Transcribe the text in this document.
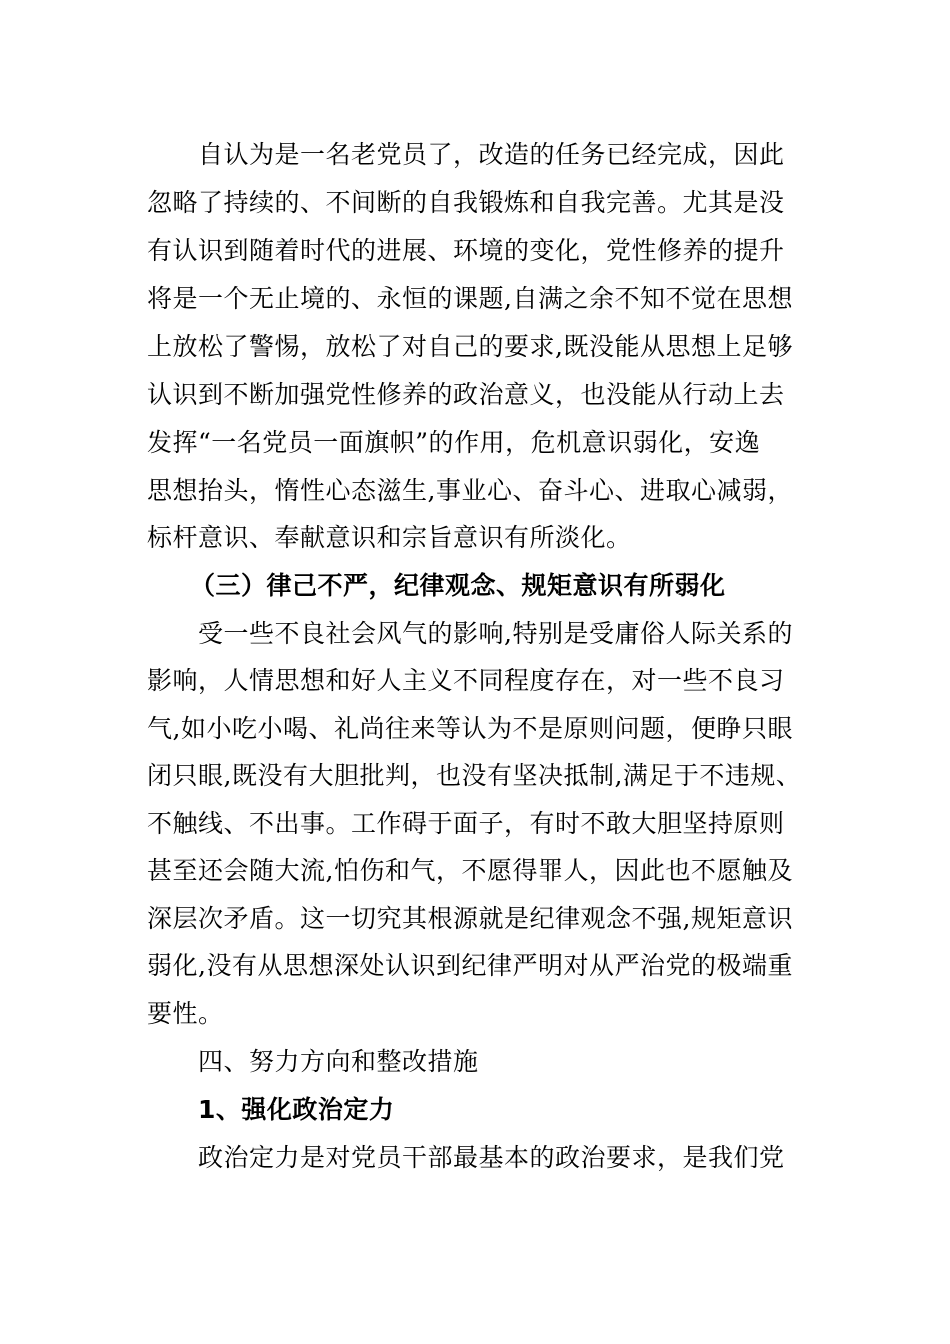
自认为是一名老党员了，改造的任务已经完成，因此
忽略了持续的、不间断的自我锻炼和自我完善。尤其是没
有认识到随着时代的进展、环境的变化，党性修养的提升
将是一个无止境的、永恒的课题,自满之余不知不觉在思想
上放松了警惕，放松了对自己的要求,既没能从思想上足够
认识到不断加强党性修养的政治意义，也没能从行动上去
发挥“一名党员一面旗帜”的作用，危机意识弱化，安逸
思想抬头，惰性心态滋生,事业心、奋斗心、进取心减弱，
标杆意识、奉献意识和宗旨意识有所淡化。
（三）律己不严，纪律观念、规矩意识有所弱化
受一些不良社会风气的影响,特别是受庸俗人际关系的
影响，人情思想和好人主义不同程度存在，对一些不良习
气,如小吃小喝、礼尚往来等认为不是原则问题，便睁只眼
闭只眼,既没有大胆批判，也没有坚决抵制,满足于不违规、
不触线、不出事。工作碍于面子，有时不敢大胆坚持原则
甚至还会随大流,怕伤和气，不愿得罪人，因此也不愿触及
深层次矛盾。这一切究其根源就是纪律观念不强,规矩意识
弱化,没有从思想深处认识到纪律严明对从严治党的极端重
要性。
四、努力方向和整改措施
1、强化政治定力
政治定力是对党员干部最基本的政治要求，是我们党
